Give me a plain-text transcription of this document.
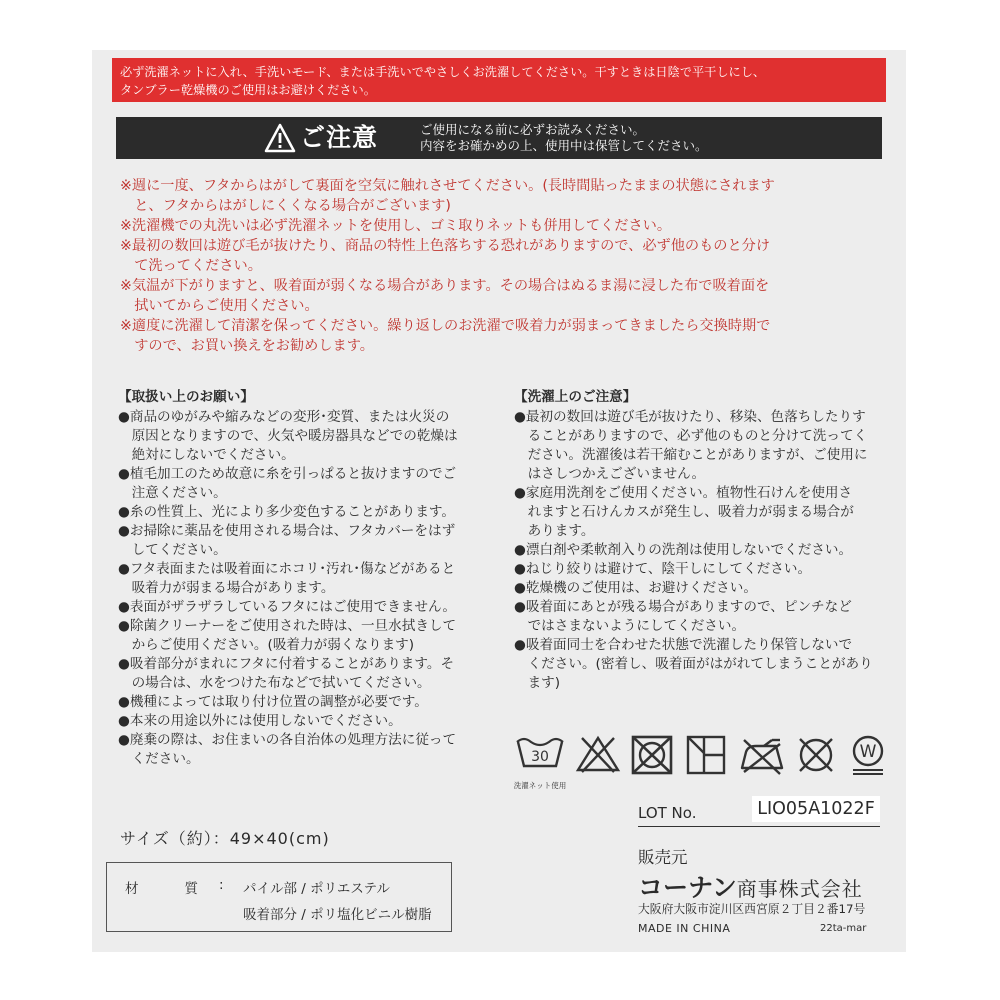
必ず洗濯ネットに入れ、手洗いモード、または手洗いでやさしくお洗濯してください。干すときは日陰で平干しにし、
タンブラー乾燥機のご使用はお避けください。
ご注意	ご使用になる前に必ずお読みください。
内容をお確かめの上、使用中は保管してください。
※週に一度、フタからはがして裏面を空気に触れさせてください。(長時間貼ったままの状態にされます
　と、フタからはがしにくくなる場合がございます)
※洗濯機での丸洗いは必ず洗濯ネットを使用し、ゴミ取りネットも併用してください。
※最初の数回は遊び毛が抜けたり、商品の特性上色落ちする恐れがありますので、必ず他のものと分け
　て洗ってください。
※気温が下がりますと、吸着面が弱くなる場合があります。その場合はぬるま湯に浸した布で吸着面を
　拭いてからご使用ください。
※適度に洗濯して清潔を保ってください。繰り返しのお洗濯で吸着力が弱まってきましたら交換時期で
　すので、お買い換えをお勧めします。
【取扱い上のお願い】
●商品のゆがみや縮みなどの変形･変質、または火災の
　原因となりますので、火気や暖房器具などでの乾燥は
　絶対にしないでください。
●植毛加工のため故意に糸を引っぱると抜けますのでご
　注意ください。
●糸の性質上、光により多少変色することがあります。
●お掃除に薬品を使用される場合は、フタカバーをはず
　してください。
●フタ表面または吸着面にホコリ･汚れ･傷などがあると
　吸着力が弱まる場合があります。
●表面がザラザラしているフタにはご使用できません。
●除菌クリーナーをご使用された時は、一旦水拭きして
　からご使用ください。(吸着力が弱くなります)
●吸着部分がまれにフタに付着することがあります。そ
　の場合は、水をつけた布などで拭いてください。
●機種によっては取り付け位置の調整が必要です。
●本来の用途以外には使用しないでください。
●廃棄の際は、お住まいの各自治体の処理方法に従って
　ください。
【洗濯上のご注意】
●最初の数回は遊び毛が抜けたり、移染、色落ちしたりす
　ることがありますので、必ず他のものと分けて洗ってく
　ださい。洗濯後は若干縮むことがありますが、ご使用に
　はさしつかえございません。
●家庭用洗剤をご使用ください。植物性石けんを使用さ
　れますと石けんカスが発生し、吸着力が弱まる場合が
　あります。
●漂白剤や柔軟剤入りの洗剤は使用しないでください。
●ねじり絞りは避けて、陰干しにしてください。
●乾燥機のご使用は、お避けください。
●吸着面にあとが残る場合がありますので、ピンチなど
　ではさまないようにしてください。
●吸着面同士を合わせた状態で洗濯したり保管しないで
　ください。(密着し、吸着面がはがれてしまうことがあり
　ます)
30
洗濯ネット使用
W
LOT No.	LIO05A1022F
サイズ（約）：49×40(cm)
材	質 : パイル部 / ポリエステル
吸着部分 / ポリ塩化ビニル樹脂
販売元
コーナン商事株式会社
大阪府大阪市淀川区西宮原２丁目２番17号
MADE IN CHINA	22ta-mar
